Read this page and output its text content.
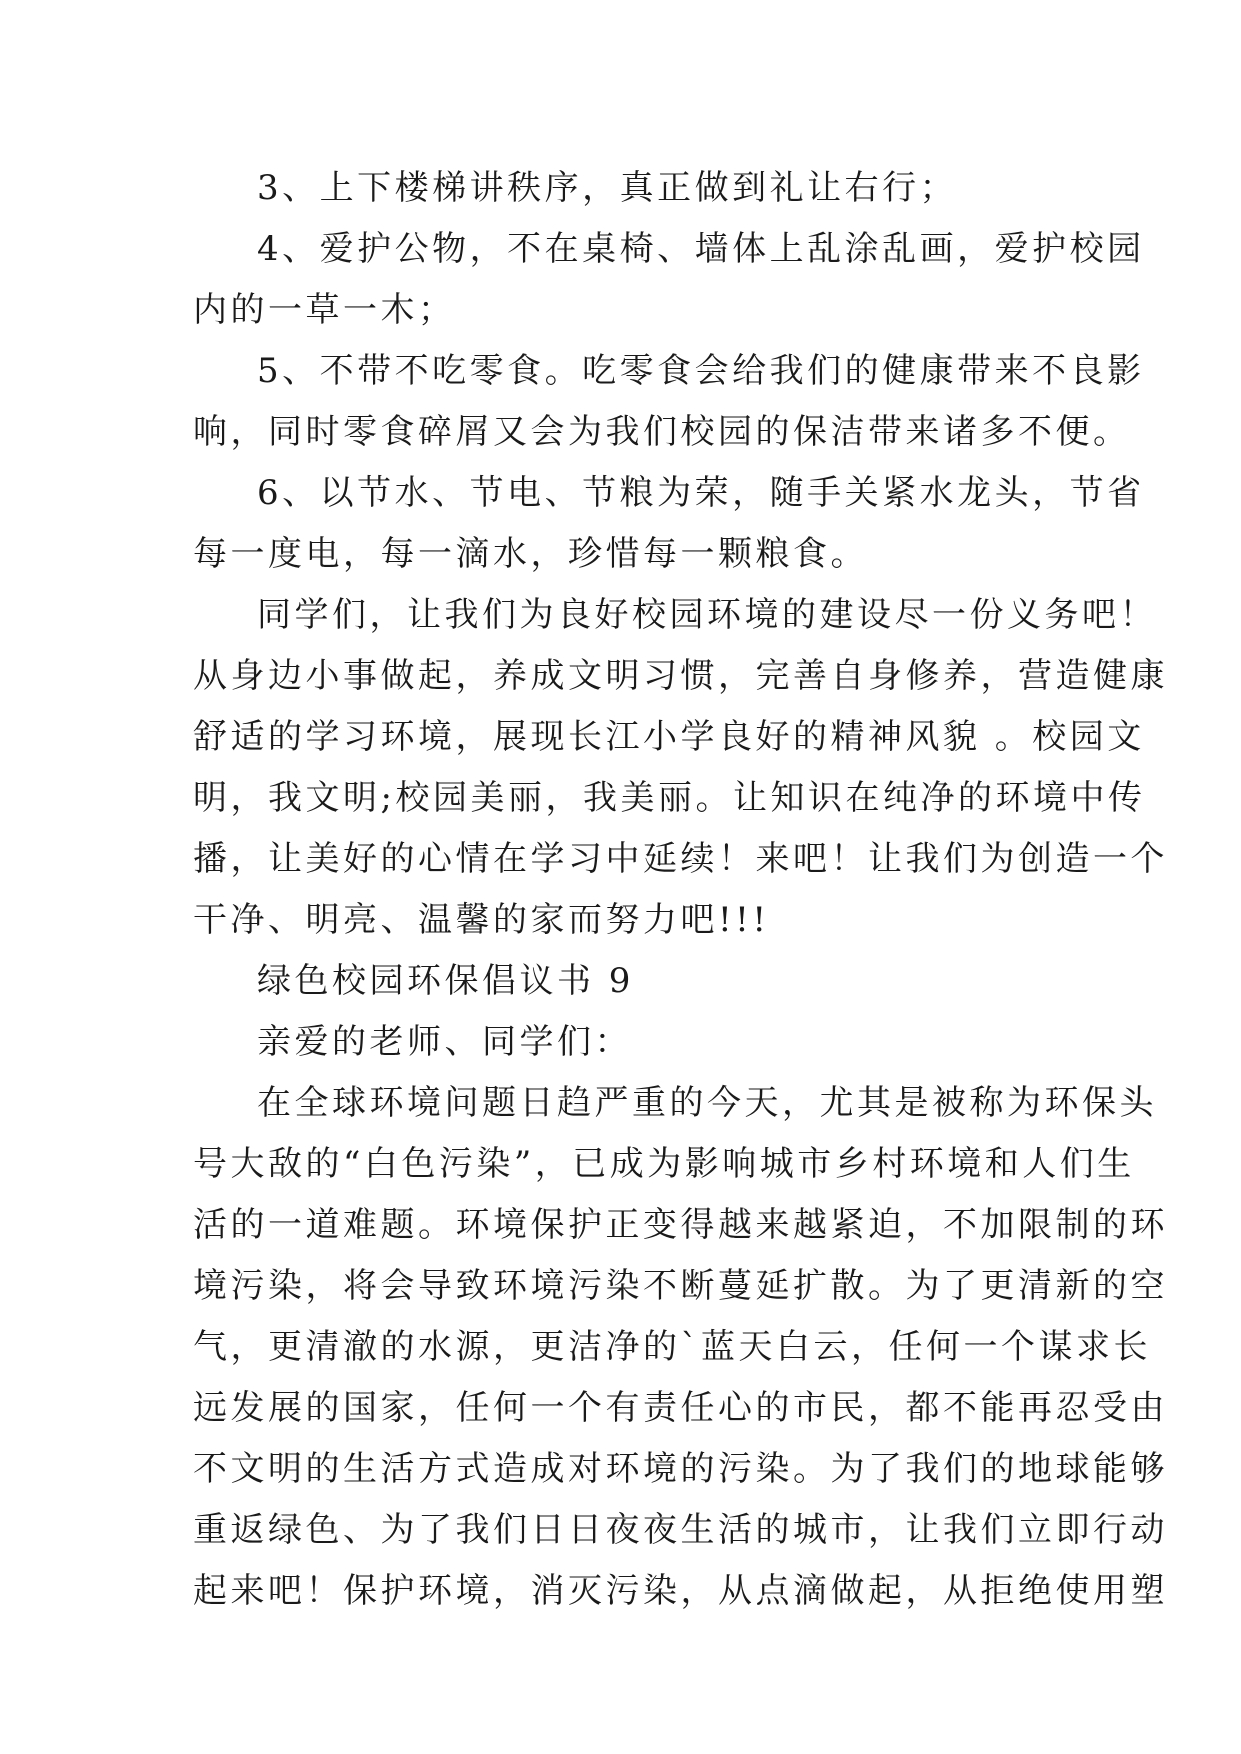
3、上下楼梯讲秩序，真正做到礼让右行；
4、爱护公物，不在桌椅、墙体上乱涂乱画，爱护校园
内的一草一木；
5、不带不吃零食。吃零食会给我们的健康带来不良影
响，同时零食碎屑又会为我们校园的保洁带来诸多不便。
6、以节水、节电、节粮为荣，随手关紧水龙头，节省
每一度电，每一滴水，珍惜每一颗粮食。
同学们，让我们为良好校园环境的建设尽一份义务吧！
从身边小事做起，养成文明习惯，完善自身修养，营造健康
舒适的学习环境，展现长江小学良好的精神风貌 。校园文
明，我文明;校园美丽，我美丽。让知识在纯净的环境中传
播，让美好的心情在学习中延续！来吧！让我们为创造一个
干净、明亮、温馨的家而努力吧!!!
绿色校园环保倡议书 9
亲爱的老师、同学们：
在全球环境问题日趋严重的今天，尤其是被称为环保头
号大敌的“白色污染”，已成为影响城市乡村环境和人们生
活的一道难题。环境保护正变得越来越紧迫，不加限制的环
境污染，将会导致环境污染不断蔓延扩散。为了更清新的空
气，更清澈的水源，更洁净的`蓝天白云，任何一个谋求长
远发展的国家，任何一个有责任心的市民，都不能再忍受由
不文明的生活方式造成对环境的污染。为了我们的地球能够
重返绿色、为了我们日日夜夜生活的城市，让我们立即行动
起来吧！保护环境，消灭污染，从点滴做起，从拒绝使用塑
